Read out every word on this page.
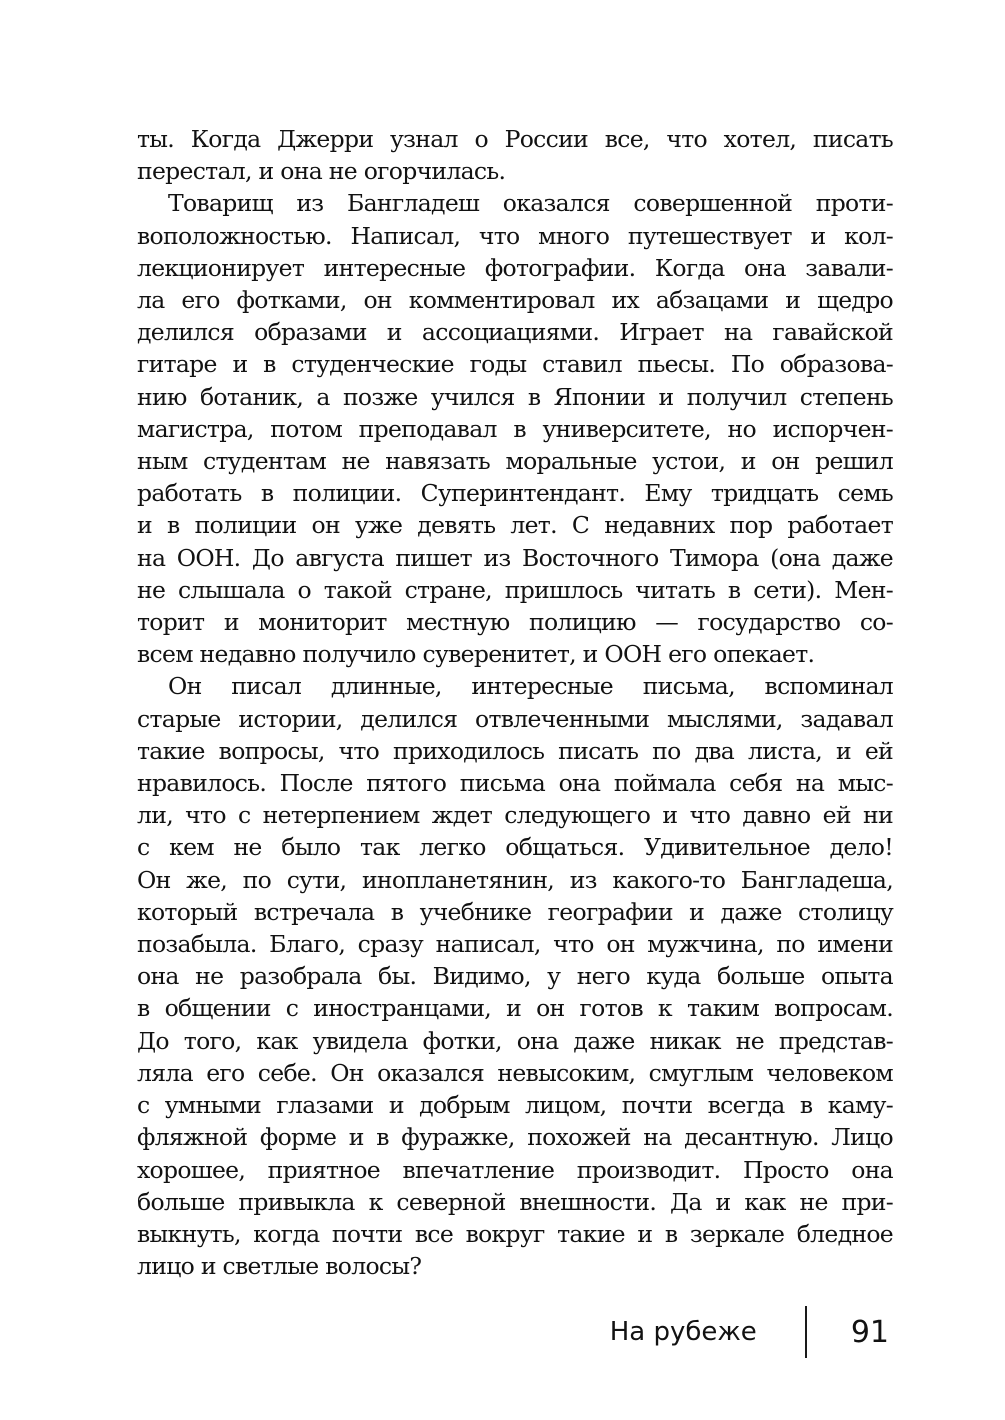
ты. Когда Джерри узнал о России все, что хотел, писать
перестал, и она не огорчилась.
Товарищ из Бангладеш оказался совершенной проти-
воположностью. Написал, что много путешествует и кол-
лекционирует интересные фотографии. Когда она завали-
ла его фотками, он комментировал их абзацами и щедро
делился образами и ассоциациями. Играет на гавайской
гитаре и в студенческие годы ставил пьесы. По образова-
нию ботаник, а позже учился в Японии и получил степень
магистра, потом преподавал в университете, но испорчен-
ным студентам не навязать моральные устои, и он решил
работать в полиции. Суперинтендант. Ему тридцать семь
и в полиции он уже девять лет. С недавних пор работает
на ООН. До августа пишет из Восточного Тимора (она даже
не слышала о такой стране, пришлось читать в сети). Мен-
торит и мониторит местную полицию — государство со-
всем недавно получило суверенитет, и ООН его опекает.
Он писал длинные, интересные письма, вспоминал
старые истории, делился отвлеченными мыслями, задавал
такие вопросы, что приходилось писать по два листа, и ей
нравилось. После пятого письма она поймала себя на мыс-
ли, что с нетерпением ждет следующего и что давно ей ни
с кем не было так легко общаться. Удивительное дело!
Он же, по сути, инопланетянин, из какого-то Бангладеша,
который встречала в учебнике географии и даже столицу
позабыла. Благо, сразу написал, что он мужчина, по имени
она не разобрала бы. Видимо, у него куда больше опыта
в общении с иностранцами, и он готов к таким вопросам.
До того, как увидела фотки, она даже никак не представ-
ляла его себе. Он оказался невысоким, смуглым человеком
с умными глазами и добрым лицом, почти всегда в каму-
фляжной форме и в фуражке, похожей на десантную. Лицо
хорошее, приятное впечатление производит. Просто она
больше привыкла к северной внешности. Да и как не при-
выкнуть, когда почти все вокруг такие и в зеркале бледное
лицо и светлые волосы?
На рубеже	91
